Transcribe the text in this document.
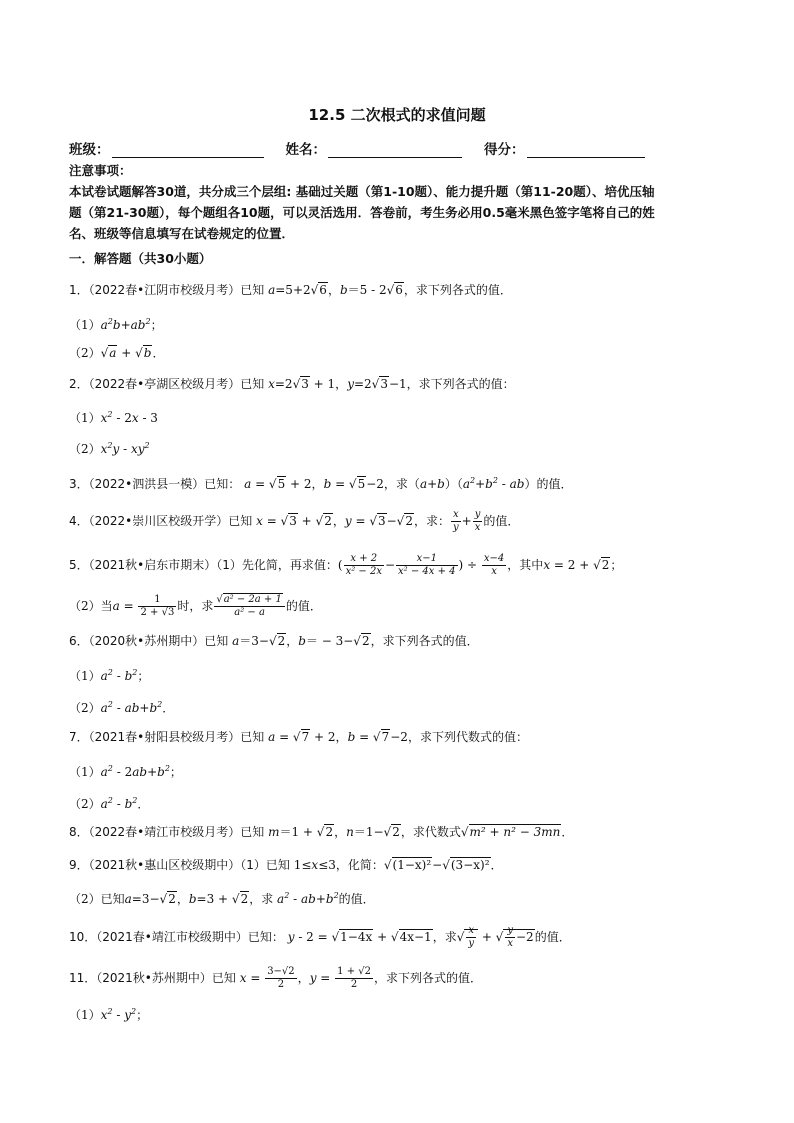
12.5 二次根式的求值问题
班级：	姓名：	得分：
注意事项：
本试卷试题解答30道，共分成三个层组: 基础过关题（第1-10题）、能力提升题（第11-20题）、培优压轴
题（第21-30题），每个题组各10题，可以灵活选用．答卷前，考生务必用0.5毫米黑色签字笔将自己的姓
名、班级等信息填写在试卷规定的位置．
一．解答题（共30小题）
1．（2022春•江阴市校级月考）已知 a=5+2√6，b＝5 - 2√6，求下列各式的值．
$(1)a^2b+ab^2$；
（2）√a + √b．
2．（2022春•亭湖区校级月考）已知 x=2√3 + 1，y=2√3−1，求下列各式的值：
$(1)x^2 - 2x - 3$
$(2)x^2y - xy^2$
3．（2022•泗洪县一模）已知： a = √5 + 2，b = √5−2，求$(a+b)(a^2+b^2 - ab)$的值．
4．（2022•崇川区校级开学）已知 x = √3 + √2，y = √3−√2，求： $\frac{x}{y} + \frac{y}{x}$ 的值．
5．（2021秋•启东市期末）（1）先化简，再求值：( $\frac{x + 2}{\text{x² − 2x}} - \frac{x-1}{\text{x² − 4x + 4}}$ ) ÷ $\frac{x-4}{x}$ ，其中x = 2 + √2；
（2）当$a = \frac{1}{2 + √3}$ 时，求 $\frac{\text{√a² − 2a + 1}}{\text{a² − a}}$ 的值．
6．（2020秋•苏州期中）已知 a＝3−√2，b＝ − 3−√2，求下列各式的值．
$(1)a^2 - b^2$；
$(2)a^2 - ab+b^2$．
7．（2021春•射阳县校级月考）已知 a = √7 + 2，b = √7−2，求下列代数式的值：
$(1)a^2 - 2ab+b^2$；
$(2)a^2 - b^2$．
8．（2022春•靖江市校级月考）已知 m＝1 + √2，n＝1−√2，求代数式√m² + n² − 3mn．
9．（2021秋•惠山区校级期中）（1）已知 1≤x≤3，化简：√(1−x)²−√(3−x)²．
（2）已知a=3−√2，b=3 + √2，求 $a^2 - ab+b^2$的值．
10．（2021春•靖江市校级期中）已知： y - 2 = √1−4x + √4x−1，求√ $\frac{x}{y}$ + √ $\frac{y}{x} -2$的值．
11．（2021秋•苏州期中）已知 $x = \frac{3-√2}{2}$ ，$y = \frac{1 + √2}{2}$ ，求下列各式的值．
$(1)x^2 - y^2$；
